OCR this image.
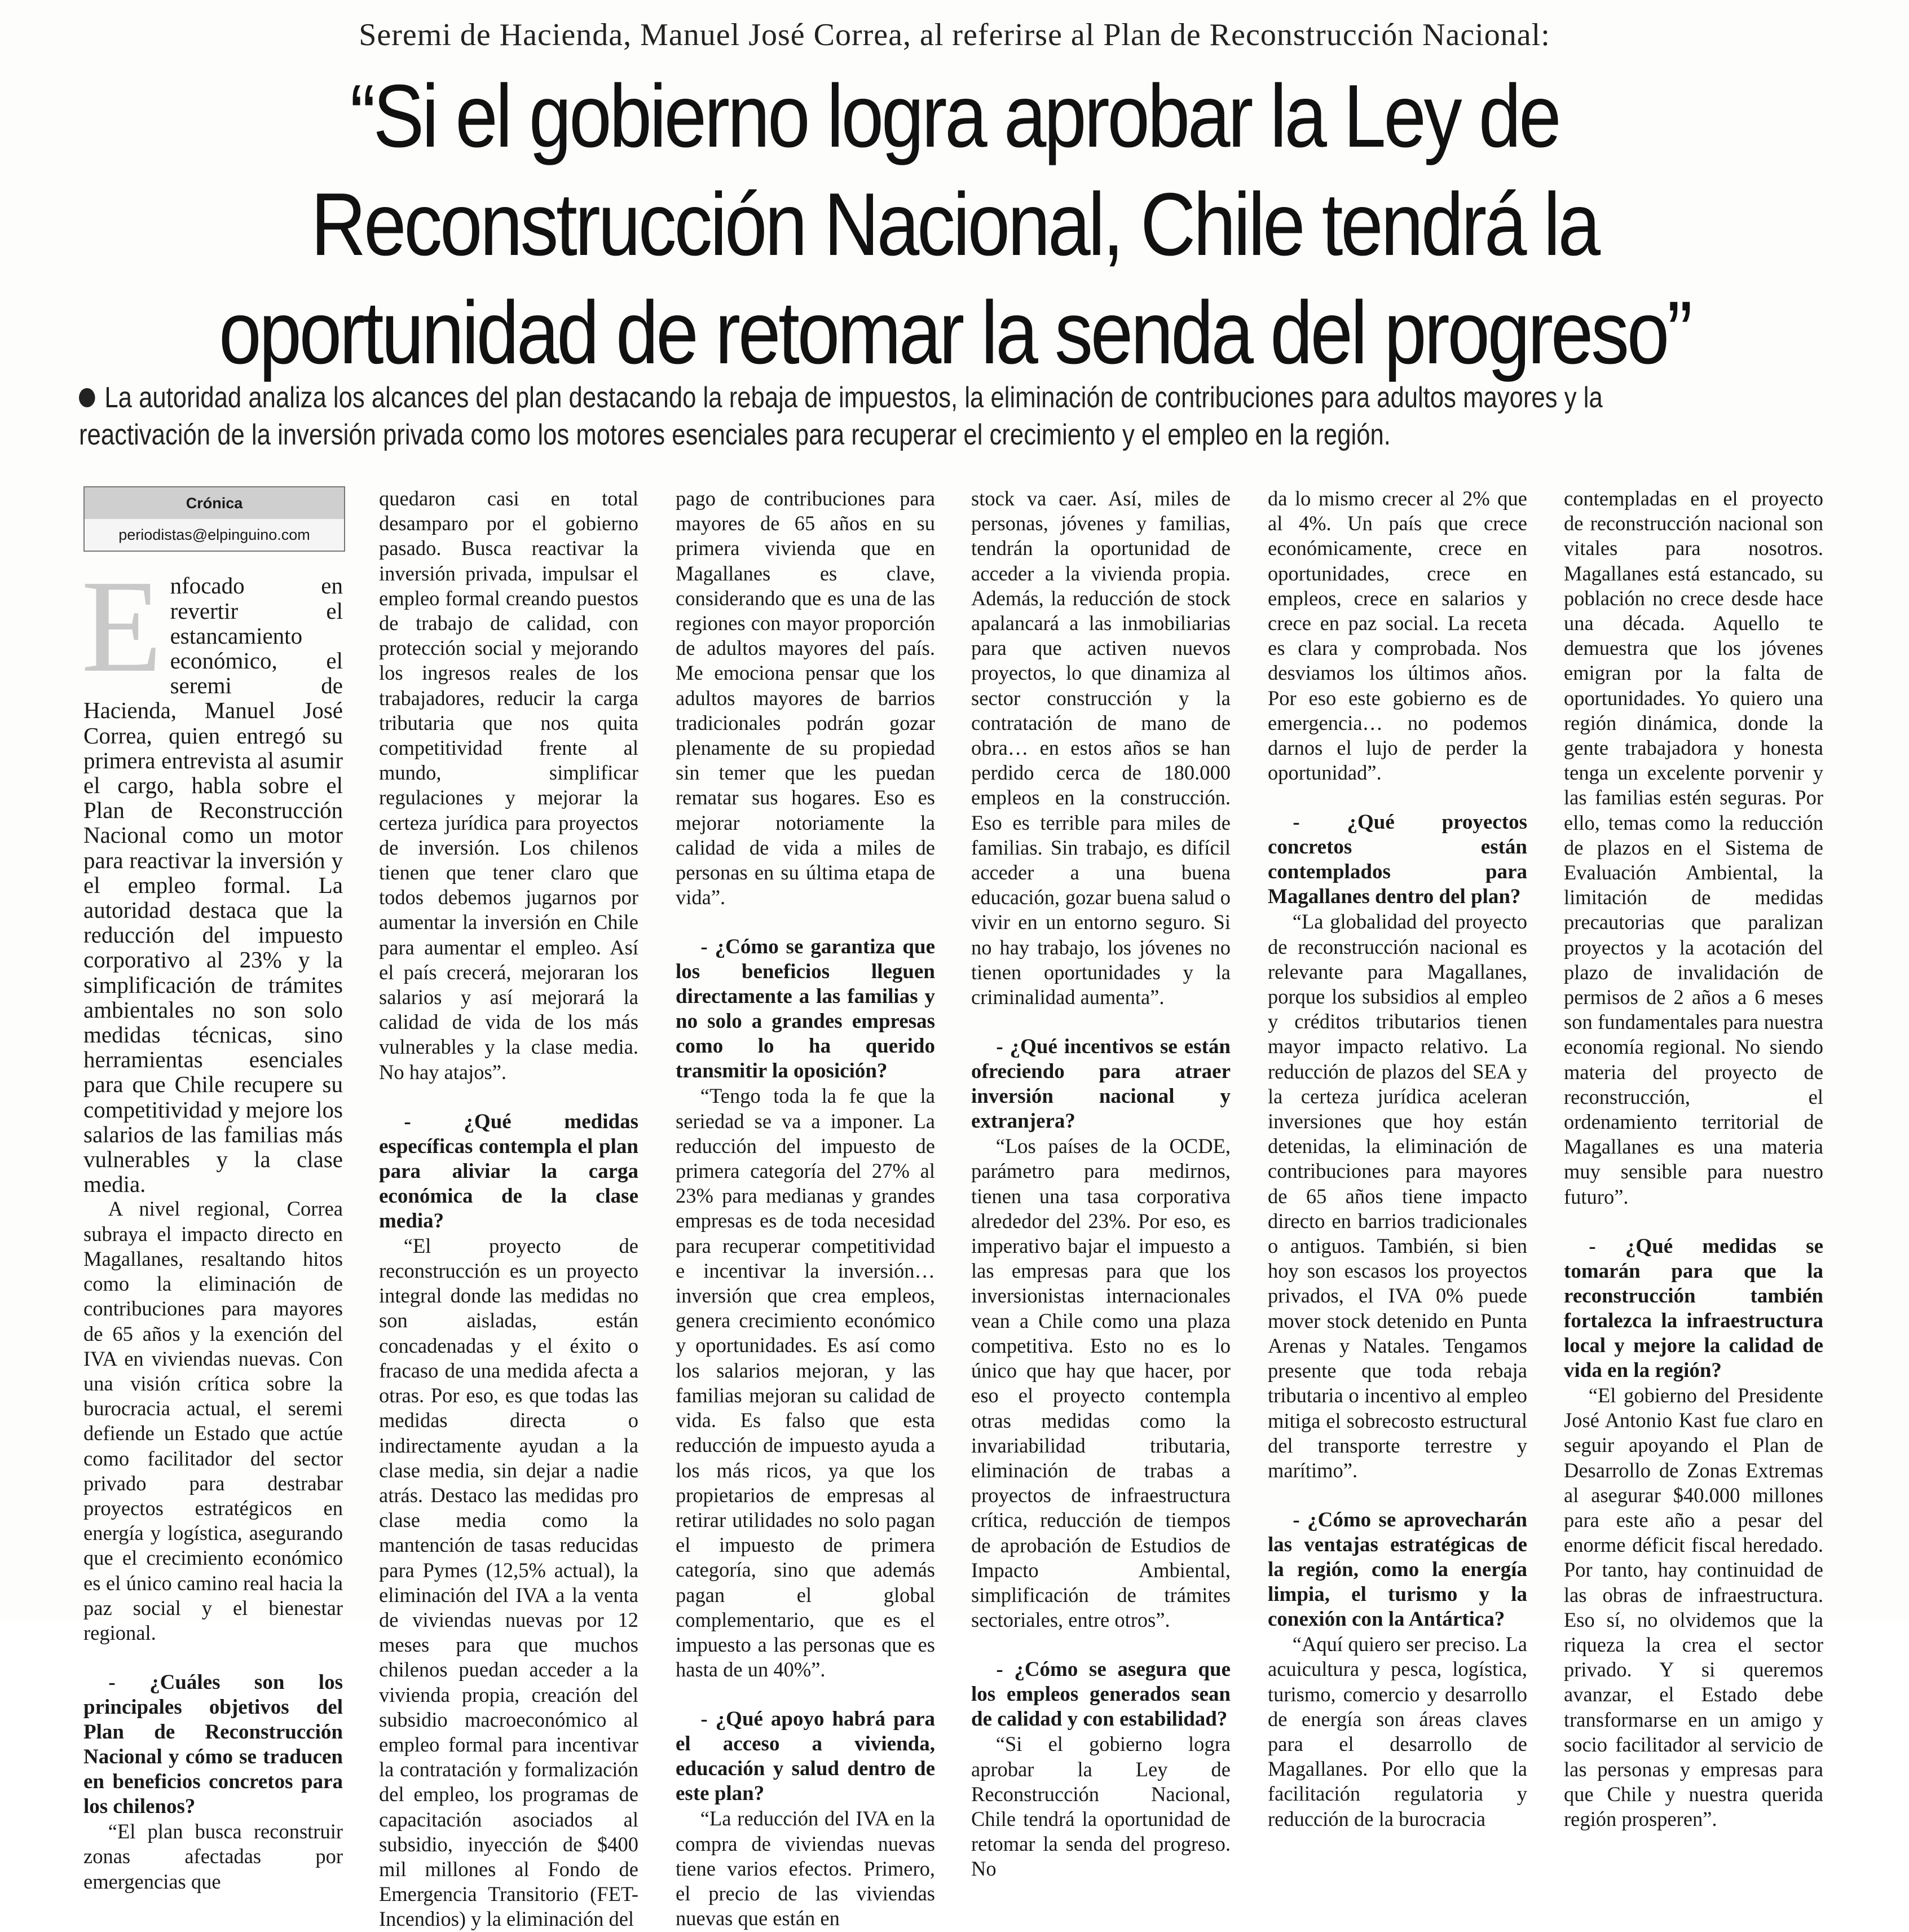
Seremi de Hacienda, Manuel José Correa, al referirse al Plan de Reconstrucción Nacional:
“Si el gobierno logra aprobar la Ley de
Reconstrucción Nacional, Chile tendrá la
oportunidad de retomar la senda del progreso”
La autoridad analiza los alcances del plan destacando la rebaja de impuestos, la eliminación de contribuciones para adultos mayores y la
reactivación de la inversión privada como los motores esenciales para recuperar el crecimiento y el empleo en la región.
Crónica
periodistas@elpinguino.com

Enfocado en revertir el estancamiento económico, el seremi de Hacienda, Manuel José Correa, quien entregó su primera entrevista al asumir el cargo, habla sobre el Plan de Reconstrucción Nacional como un motor para reactivar la inversión y el empleo formal. La autoridad destaca que la reducción del impuesto corporativo al 23% y la simplificación de trámites ambientales no son solo medidas técnicas, sino herramientas esenciales para que Chile recupere su competitividad y mejore los salarios de las familias más vulnerables y la clase media.

A nivel regional, Correa subraya el impacto directo en Magallanes, resaltando hitos como la eliminación de contribuciones para mayores de 65 años y la exención del IVA en viviendas nuevas. Con una visión crítica sobre la burocracia actual, el seremi defiende un Estado que actúe como facilitador del sector privado para destrabar proyectos estratégicos en energía y logística, asegurando que el crecimiento económico es el único camino real hacia la paz social y el bienestar regional.

- ¿Cuáles son los principales objetivos del Plan de Reconstrucción Nacional y cómo se traducen en beneficios concretos para los chilenos?

“El plan busca reconstruir zonas afectadas por emergencias que

quedaron casi en total desamparo por el gobierno pasado. Busca reactivar la inversión privada, impulsar el empleo formal creando puestos de trabajo de calidad, con protección social y mejorando los ingresos reales de los trabajadores, reducir la carga tributaria que nos quita competitividad frente al mundo, simplificar regulaciones y mejorar la certeza jurídica para proyectos de inversión. Los chilenos tienen que tener claro que todos debemos jugarnos por aumentar la inversión en Chile para aumentar el empleo. Así el país crecerá, mejoraran los salarios y así mejorará la calidad de vida de los más vulnerables y la clase media. No hay atajos”.

- ¿Qué medidas específicas contempla el plan para aliviar la carga económica de la clase media?

“El proyecto de reconstrucción es un proyecto integral donde las medidas no son aisladas, están concadenadas y el éxito o fracaso de una medida afecta a otras. Por eso, es que todas las medidas directa o indirectamente ayudan a la clase media, sin dejar a nadie atrás. Destaco las medidas pro clase media como la mantención de tasas reducidas para Pymes (12,5% actual), la eliminación del IVA a la venta de viviendas nuevas por 12 meses para que muchos chilenos puedan acceder a la vivienda propia, creación del subsidio macroeconómico al empleo formal para incentivar la contratación y formalización del empleo, los programas de capacitación asociados al subsidio, inyección de $400 mil millones al Fondo de Emergencia Transitorio (FET-Incendios) y la eliminación del

pago de contribuciones para mayores de 65 años en su primera vivienda que en Magallanes es clave, considerando que es una de las regiones con mayor proporción de adultos mayores del país. Me emociona pensar que los adultos mayores de barrios tradicionales podrán gozar plenamente de su propiedad sin temer que les puedan rematar sus hogares. Eso es mejorar notoriamente la calidad de vida a miles de personas en su última etapa de vida”.

- ¿Cómo se garantiza que los beneficios lleguen directamente a las familias y no solo a grandes empresas como lo ha querido transmitir la oposición?

“Tengo toda la fe que la seriedad se va a imponer. La reducción del impuesto de primera categoría del 27% al 23% para medianas y grandes empresas es de toda necesidad para recuperar competitividad e incentivar la inversión… inversión que crea empleos, genera crecimiento económico y oportunidades. Es así como los salarios mejoran, y las familias mejoran su calidad de vida. Es falso que esta reducción de impuesto ayuda a los más ricos, ya que los propietarios de empresas al retirar utilidades no solo pagan el impuesto de primera categoría, sino que además pagan el global complementario, que es el impuesto a las personas que es hasta de un 40%”.

- ¿Qué apoyo habrá para el acceso a vivienda, educación y salud dentro de este plan?

“La reducción del IVA en la compra de viviendas nuevas tiene varios efectos. Primero, el precio de las viviendas nuevas que están en

stock va caer. Así, miles de personas, jóvenes y familias, tendrán la oportunidad de acceder a la vivienda propia. Además, la reducción de stock apalancará a las inmobiliarias para que activen nuevos proyectos, lo que dinamiza al sector construcción y la contratación de mano de obra… en estos años se han perdido cerca de 180.000 empleos en la construcción. Eso es terrible para miles de familias. Sin trabajo, es difícil acceder a una buena educación, gozar buena salud o vivir en un entorno seguro. Si no hay trabajo, los jóvenes no tienen oportunidades y la criminalidad aumenta”.

- ¿Qué incentivos se están ofreciendo para atraer inversión nacional y extranjera?

“Los países de la OCDE, parámetro para medirnos, tienen una tasa corporativa alrededor del 23%. Por eso, es imperativo bajar el impuesto a las empresas para que los inversionistas internacionales vean a Chile como una plaza competitiva. Esto no es lo único que hay que hacer, por eso el proyecto contempla otras medidas como la invariabilidad tributaria, eliminación de trabas a proyectos de infraestructura crítica, reducción de tiempos de aprobación de Estudios de Impacto Ambiental, simplificación de trámites sectoriales, entre otros”.

- ¿Cómo se asegura que los empleos generados sean de calidad y con estabilidad?

“Si el gobierno logra aprobar la Ley de Reconstrucción Nacional, Chile tendrá la oportunidad de retomar la senda del progreso. No

da lo mismo crecer al 2% que al 4%. Un país que crece económicamente, crece en oportunidades, crece en empleos, crece en salarios y crece en paz social. La receta es clara y comprobada. Nos desviamos los últimos años. Por eso este gobierno es de emergencia… no podemos darnos el lujo de perder la oportunidad”.

- ¿Qué proyectos concretos están contemplados para Magallanes dentro del plan?

“La globalidad del proyecto de reconstrucción nacional es relevante para Magallanes, porque los subsidios al empleo y créditos tributarios tienen mayor impacto relativo. La reducción de plazos del SEA y la certeza jurídica aceleran inversiones que hoy están detenidas, la eliminación de contribuciones para mayores de 65 años tiene impacto directo en barrios tradicionales o antiguos. También, si bien hoy son escasos los proyectos privados, el IVA 0% puede mover stock detenido en Punta Arenas y Natales. Tengamos presente que toda rebaja tributaria o incentivo al empleo mitiga el sobrecosto estructural del transporte terrestre y marítimo”.

- ¿Cómo se aprovecharán las ventajas estratégicas de la región, como la energía limpia, el turismo y la conexión con la Antártica?

“Aquí quiero ser preciso. La acuicultura y pesca, logística, turismo, comercio y desarrollo de energía son áreas claves para el desarrollo de Magallanes. Por ello que la facilitación regulatoria y reducción de la burocracia

contempladas en el proyecto de reconstrucción nacional son vitales para nosotros. Magallanes está estancado, su población no crece desde hace una década. Aquello te demuestra que los jóvenes emigran por la falta de oportunidades. Yo quiero una región dinámica, donde la gente trabajadora y honesta tenga un excelente porvenir y las familias estén seguras. Por ello, temas como la reducción de plazos en el Sistema de Evaluación Ambiental, la limitación de medidas precautorias que paralizan proyectos y la acotación del plazo de invalidación de permisos de 2 años a 6 meses son fundamentales para nuestra economía regional. No siendo materia del proyecto de reconstrucción, el ordenamiento territorial de Magallanes es una materia muy sensible para nuestro futuro”.

- ¿Qué medidas se tomarán para que la reconstrucción también fortalezca la infraestructura local y mejore la calidad de vida en la región?

“El gobierno del Presidente José Antonio Kast fue claro en seguir apoyando el Plan de Desarrollo de Zonas Extremas al asegurar $40.000 millones para este año a pesar del enorme déficit fiscal heredado. Por tanto, hay continuidad de las obras de infraestructura. Eso sí, no olvidemos que la riqueza la crea el sector privado. Y si queremos avanzar, el Estado debe transformarse en un amigo y socio facilitador al servicio de las personas y empresas para que Chile y nuestra querida región prosperen”.
